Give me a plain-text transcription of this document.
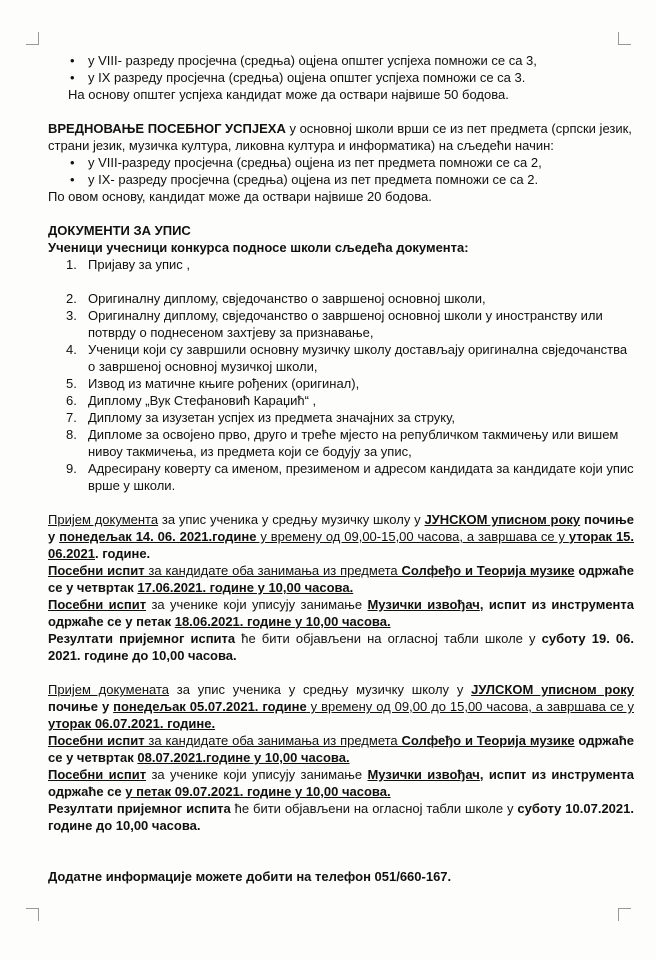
• у VIII- разреду просјечна (средња) оцјена општег успјеха помножи се са 3,
• у IX разреду просјечна (средња) оцјена општег успјеха помножи се са 3.

На основу општег успјеха кандидат може да оствари највише 50 бодова.

ВРЕДНОВАЊЕ ПОСЕБНОГ УСПЈЕХА у основној школи врши се из пет предмета (српски језик, страни језик, музичка култура, ликовна култура и информатика) на сљедећи начин:

• у VIII-разреду просјечна (средња) оцјена из пет предмета помножи се са 2,
• у IX- разреду просјечна (средња) оцјена из пет предмета помножи се са 2.

По овом основу, кандидат може да оствари највише 20 бодова.

ДОКУМЕНТИ ЗА УПИС

Ученици учесници конкурса подносе школи сљедећа документа:

1. Пријаву за упис ,

2. Оригиналну диплому, свједочанство о завршеној основној школи,
3. Оригиналну диплому, свједочанство о завршеној основној школи у иностранству или потврду о поднесеном захтјеву за признавање,
4. Ученици који су завршили основну музичку школу достављају оригинална свједочанства о завршеној основној музичкој школи,
5. Извод из матичне књиге рођених (оригинал),
6. Диплому „Вук Стефановић Караџић“ ,
7. Диплому за изузетан успјех из предмета значајних за струку,
8. Дипломе за освојено прво, друго и треће мјесто на републичком такмичењу или вишем нивоу такмичења, из предмета који се бодују за упис,
9. Адресирану коверту са именом, презименом и адресом кандидата за кандидате који упис врше у школи.

Пријем документа за упис ученика у средњу музичку школу у ЈУНСКОМ уписном року почиње у понедељак 14. 06. 2021.године у времену од 09,00-15,00 часова, а завршава се у уторак 15. 06.2021. године.

Посебни испит за кандидате оба занимања из предмета Солфеђо и Теорија музике одржаће се у четвртак 17.06.2021. године у 10,00 часова.

Посебни испит за ученике који уписују занимање Музички извођач, испит из инструмента одржаће се у петак 18.06.2021. године у 10,00 часова.

Резултати пријемног испита ће бити објављени на огласној табли школе у суботу 19. 06. 2021. године до 10,00 часова.

Пријем докумената за упис ученика у средњу музичку школу у ЈУЛСКОМ уписном року почиње у понедељак 05.07.2021. године у времену од 09,00 до 15,00 часова, а завршава се у уторак 06.07.2021. године.

Посебни испит за кандидате оба занимања из предмета Солфеђо и Теорија музике одржаће се у четвртак 08.07.2021.године у 10,00 часова.

Посебни испит за ученике који уписују занимање Музички извођач, испит из инструмента одржаће се у петак 09.07.2021. године у 10,00 часова.

Резултати пријемног испита ће бити објављени на огласној табли школе у суботу 10.07.2021. године до 10,00 часова.

Додатне информације можете добити на телефон 051/660-167.
